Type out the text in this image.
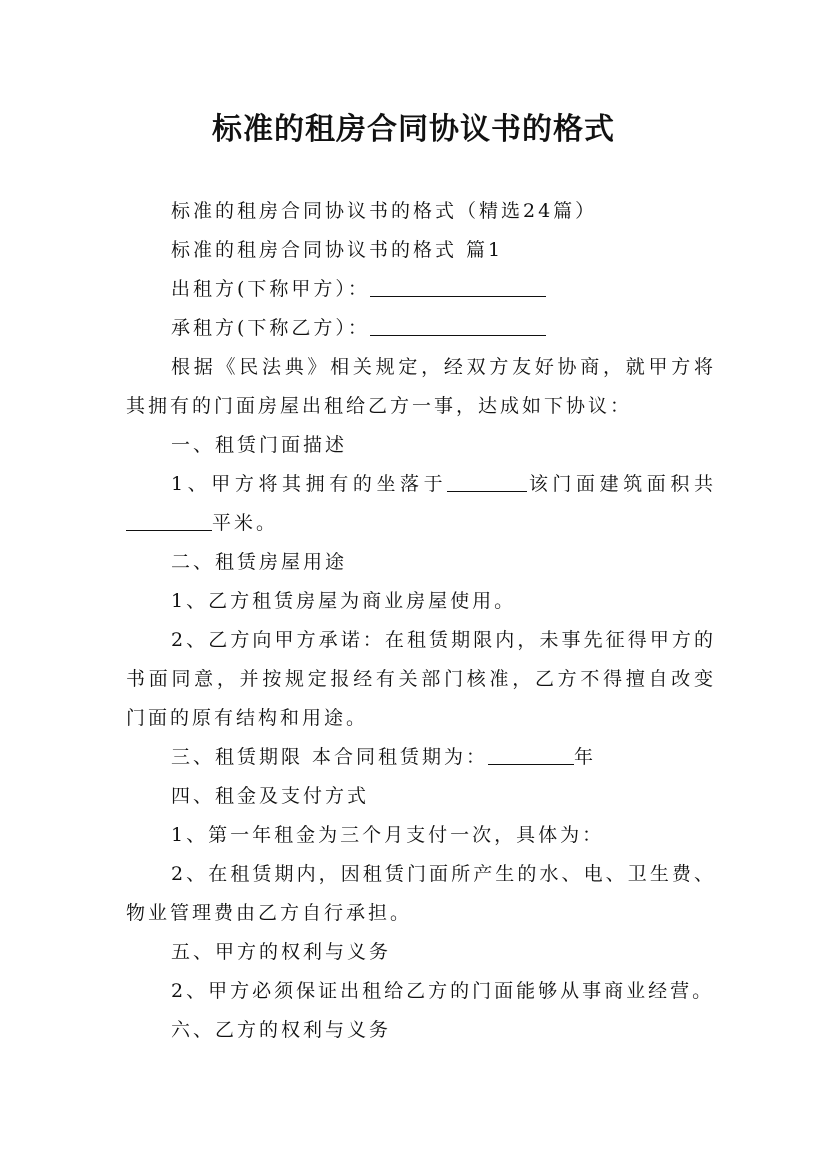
标准的租房合同协议书的格式

标准的租房合同协议书的格式（精选24篇）

标准的租房合同协议书的格式 篇1

出租方(下称甲方）：

承租方(下称乙方）：

根据《民法典》相关规定，经双方友好协商，就甲方将其拥有的门面房屋出租给乙方一事，达成如下协议：

一、租赁门面描述

1、甲方将其拥有的坐落于	该门面建筑面积共平米。

二、租赁房屋用途

1、乙方租赁房屋为商业房屋使用。

2、乙方向甲方承诺：在租赁期限内，未事先征得甲方的书面同意，并按规定报经有关部门核准，乙方不得擅自改变门面的原有结构和用途。

三、租赁期限 本合同租赁期为：	年

四、租金及支付方式

1、第一年租金为三个月支付一次，具体为：

2、在租赁期内，因租赁门面所产生的水、电、卫生费、物业管理费由乙方自行承担。

五、甲方的权利与义务

2、甲方必须保证出租给乙方的门面能够从事商业经营。

六、乙方的权利与义务
